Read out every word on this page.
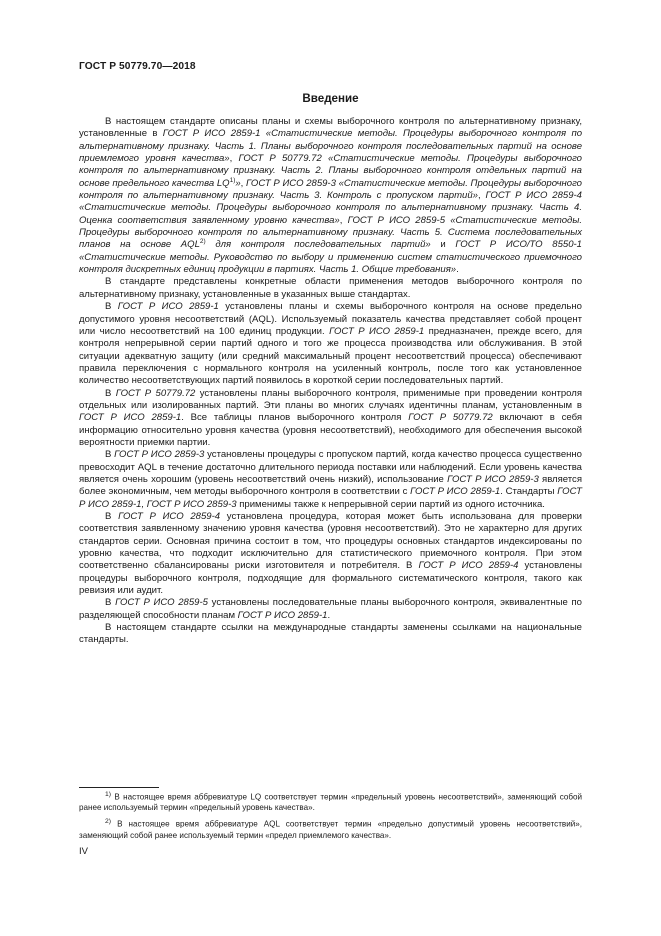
ГОСТ Р 50779.70—2018
Введение

В настоящем стандарте описаны планы и схемы выборочного контроля по альтернативному признаку, установленные в ГОСТ Р ИСО 2859-1 «Статистические методы. Процедуры выборочного контроля по альтернативному признаку. Часть 1. Планы выборочного контроля последовательных партий на основе приемлемого уровня качества», ГОСТ Р 50779.72 «Статистические методы. Процедуры выборочного контроля по альтернативному признаку. Часть 2. Планы выборочного контроля отдельных партий на основе предельного качества LQ$^{1)}$», ГОСТ Р ИСО 2859-3 «Статистические методы. Процедуры выборочного контроля по альтернативному признаку. Часть 3. Контроль с пропуском партий», ГОСТ Р ИСО 2859-4 «Статистические методы. Процедуры выборочного контроля по альтернативному признаку. Часть 4. Оценка соответствия заявленному уровню качества», ГОСТ Р ИСО 2859-5 «Статистические методы. Процедуры выборочного контроля по альтернативному признаку. Часть 5. Система последовательных планов на основе AQL$^{2)}$ для контроля последовательных партий» и ГОСТ Р ИСО/ТО 8550-1 «Статистические методы. Руководство по выбору и применению систем статистического приемочного контроля дискретных единиц продукции в партиях. Часть 1. Общие требования».

В стандарте представлены конкретные области применения методов выборочного контроля по альтернативному признаку, установленные в указанных выше стандартах.

В ГОСТ Р ИСО 2859-1 установлены планы и схемы выборочного контроля на основе предельно допустимого уровня несоответствий (AQL). Используемый показатель качества представляет собой процент или число несоответствий на 100 единиц продукции. ГОСТ Р ИСО 2859-1 предназначен, прежде всего, для контроля непрерывной серии партий одного и того же процесса производства или обслуживания. В этой ситуации адекватную защиту (или средний максимальный процент несоответствий процесса) обеспечивают правила переключения с нормального контроля на усиленный контроль, после того как установленное количество несоответствующих партий появилось в короткой серии последовательных партий.

В ГОСТ Р 50779.72 установлены планы выборочного контроля, применимые при проведении контроля отдельных или изолированных партий. Эти планы во многих случаях идентичны планам, установленным в ГОСТ Р ИСО 2859-1. Все таблицы планов выборочного контроля ГОСТ Р 50779.72 включают в себя информацию относительно уровня качества (уровня несоответствий), необходимого для обеспечения высокой вероятности приемки партии.

В ГОСТ Р ИСО 2859-3 установлены процедуры с пропуском партий, когда качество процесса существенно превосходит AQL в течение достаточно длительного периода поставки или наблюдений. Если уровень качества является очень хорошим (уровень несоответствий очень низкий), использование ГОСТ Р ИСО 2859-3 является более экономичным, чем методы выборочного контроля в соответствии с ГОСТ Р ИСО 2859-1. Стандарты ГОСТ Р ИСО 2859-1, ГОСТ Р ИСО 2859-3 применимы также к непрерывной серии партий из одного источника.

В ГОСТ Р ИСО 2859-4 установлена процедура, которая может быть использована для проверки соответствия заявленному значению уровня качества (уровня несоответствий). Это не характерно для других стандартов серии. Основная причина состоит в том, что процедуры основных стандартов индексированы по уровню качества, что подходит исключительно для статистического приемочного контроля. При этом соответственно сбалансированы риски изготовителя и потребителя. В ГОСТ Р ИСО 2859-4 установлены процедуры выборочного контроля, подходящие для формального систематического контроля, такого как ревизия или аудит.

В ГОСТ Р ИСО 2859-5 установлены последовательные планы выборочного контроля, эквивалентные по разделяющей способности планам ГОСТ Р ИСО 2859-1.

В настоящем стандарте ссылки на международные стандарты заменены ссылками на национальные стандарты.

$^{1)}$ В настоящее время аббревиатуре LQ соответствует термин «предельный уровень несоответствий», заменяющий собой ранее используемый термин «предельный уровень качества».

$^{2)}$ В настоящее время аббревиатуре AQL соответствует термин «предельно допустимый уровень несоответствий», заменяющий собой ранее используемый термин «предел приемлемого качества».

IV
